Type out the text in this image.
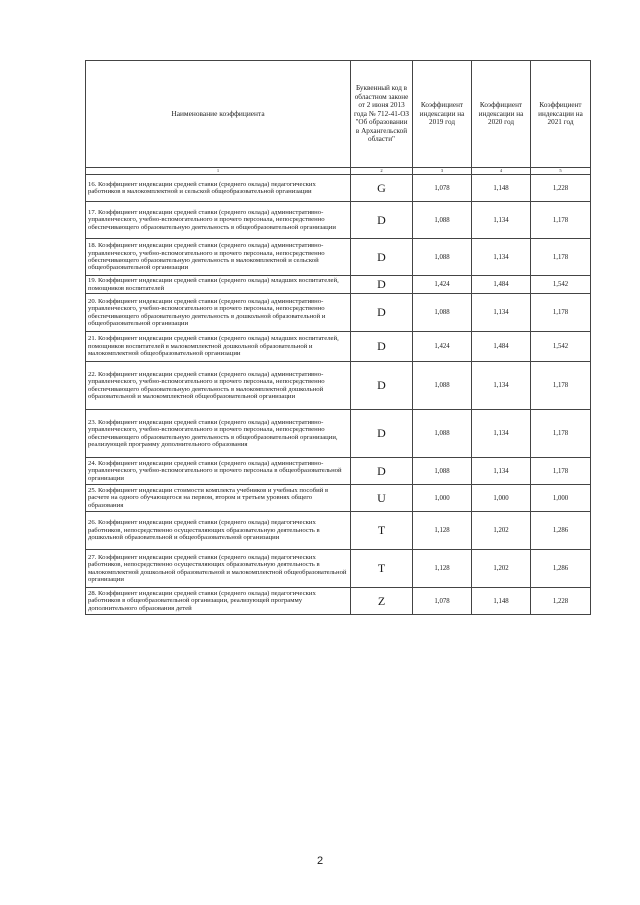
Наименование коэффициента	Буквенный код в областном законе от 2 июня 2013 года № 712-41-ОЗ "Об образовании в Архангельской области"	Коэффициент индексации на 2019 год	Коэффициент индексации на 2020 год	Коэффициент индексации на 2021 год
1	2	3	4	5
16. Коэффициент индексации средней ставки (среднего оклада) педагогических работников в малокомплектной и сельской общеобразовательной организации	G	1,078	1,148	1,228
17. Коэффициент индексации средней ставки (среднего оклада) административно-управленческого, учебно-вспомогательного и прочего персонала, непосредственно обеспечивающего образовательную деятельность в общеобразовательной организации	D	1,088	1,134	1,178
18. Коэффициент индексации средней ставки (среднего оклада) административно-управленческого, учебно-вспомогательного и прочего персонала, непосредственно обеспечивающего образовательную деятельность в малокомплектной и сельской общеобразовательной организации	D	1,088	1,134	1,178
19. Коэффициент индексации средней ставки (среднего оклада) младших воспитателей, помощников воспитателей	D	1,424	1,484	1,542
20. Коэффициент индексации средней ставки (среднего оклада) административно-управленческого, учебно-вспомогательного и прочего персонала, непосредственно обеспечивающего образовательную деятельность в дошкольной образовательной и общеобразовательной организации	D	1,088	1,134	1,178
21. Коэффициент индексации средней ставки (среднего оклада) младших воспитателей, помощников воспитателей в малокомплектной дошкольной образовательной и малокомплектной общеобразовательной организации	D	1,424	1,484	1,542
22. Коэффициент индексации средней ставки (среднего оклада) административно-управленческого, учебно-вспомогательного и прочего персонала, непосредственно обеспечивающего образовательную деятельность в малокомплектной дошкольной образовательной и малокомплектной общеобразовательной организации	D	1,088	1,134	1,178
23. Коэффициент индексации средней ставки (среднего оклада) административно-управленческого, учебно-вспомогательного и прочего персонала, непосредственно обеспечивающего образовательную деятельность в общеобразовательной организации, реализующей программу дополнительного образования	D	1,088	1,134	1,178
24. Коэффициент индексации средней ставки (среднего оклада) административно-управленческого, учебно-вспомогательного и прочего персонала в общеобразовательной организации	D	1,088	1,134	1,178
25. Коэффициент индексации стоимости комплекта учебников и учебных пособий в расчете на одного обучающегося на первом, втором и третьем уровнях общего образования	U	1,000	1,000	1,000
26. Коэффициент индексации средней ставки (среднего оклада) педагогических работников, непосредственно осуществляющих образовательную деятельность в дошкольной образовательной и общеобразовательной организации	T	1,128	1,202	1,286
27. Коэффициент индексации средней ставки (среднего оклада) педагогических работников, непосредственно осуществляющих образовательную деятельность в малокомплектной дошкольной образовательной и малокомплектной общеобразовательной организации	T	1,128	1,202	1,286
28. Коэффициент индексации средней ставки (среднего оклада) педагогических работников в общеобразовательной организации, реализующей программу дополнительного образования детей	Z	1,078	1,148	1,228
2
